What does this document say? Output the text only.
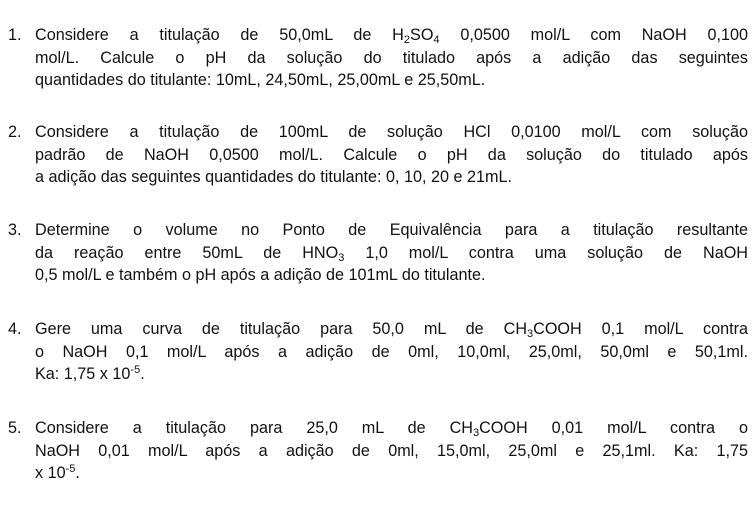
1. Considere a titulação de 50,0mL de $H_2SO_4$ 0,0500 mol/L com NaOH 0,100
mol/L. Calcule o pH da solução do titulado após a adição das seguintes
quantidades do titulante: 10mL, 24,50mL, 25,00mL e 25,50mL.
2. Considere a titulação de 100mL de solução HCl 0,0100 mol/L com solução
padrão de NaOH 0,0500 mol/L. Calcule o pH da solução do titulado após
a adição das seguintes quantidades do titulante: 0, 10, 20 e 21mL.
3. Determine o volume no Ponto de Equivalência para a titulação resultante
da reação entre 50mL de $HNO_3$ 1,0 mol/L contra uma solução de NaOH
0,5 mol/L e também o pH após a adição de 101mL do titulante.
4. Gere uma curva de titulação para 50,0 mL de $CH_3COOH$ 0,1 mol/L contra
o NaOH 0,1 mol/L após a adição de 0ml, 10,0ml, 25,0ml, 50,0ml e 50,1ml.
Ka: 1,75 x $10^{-5}$.
5. Considere a titulação para 25,0 mL de $CH_3COOH$ 0,01 mol/L contra o
NaOH 0,01 mol/L após a adição de 0ml, 15,0ml, 25,0ml e 25,1ml. Ka: 1,75
x $10^{-5}$.
